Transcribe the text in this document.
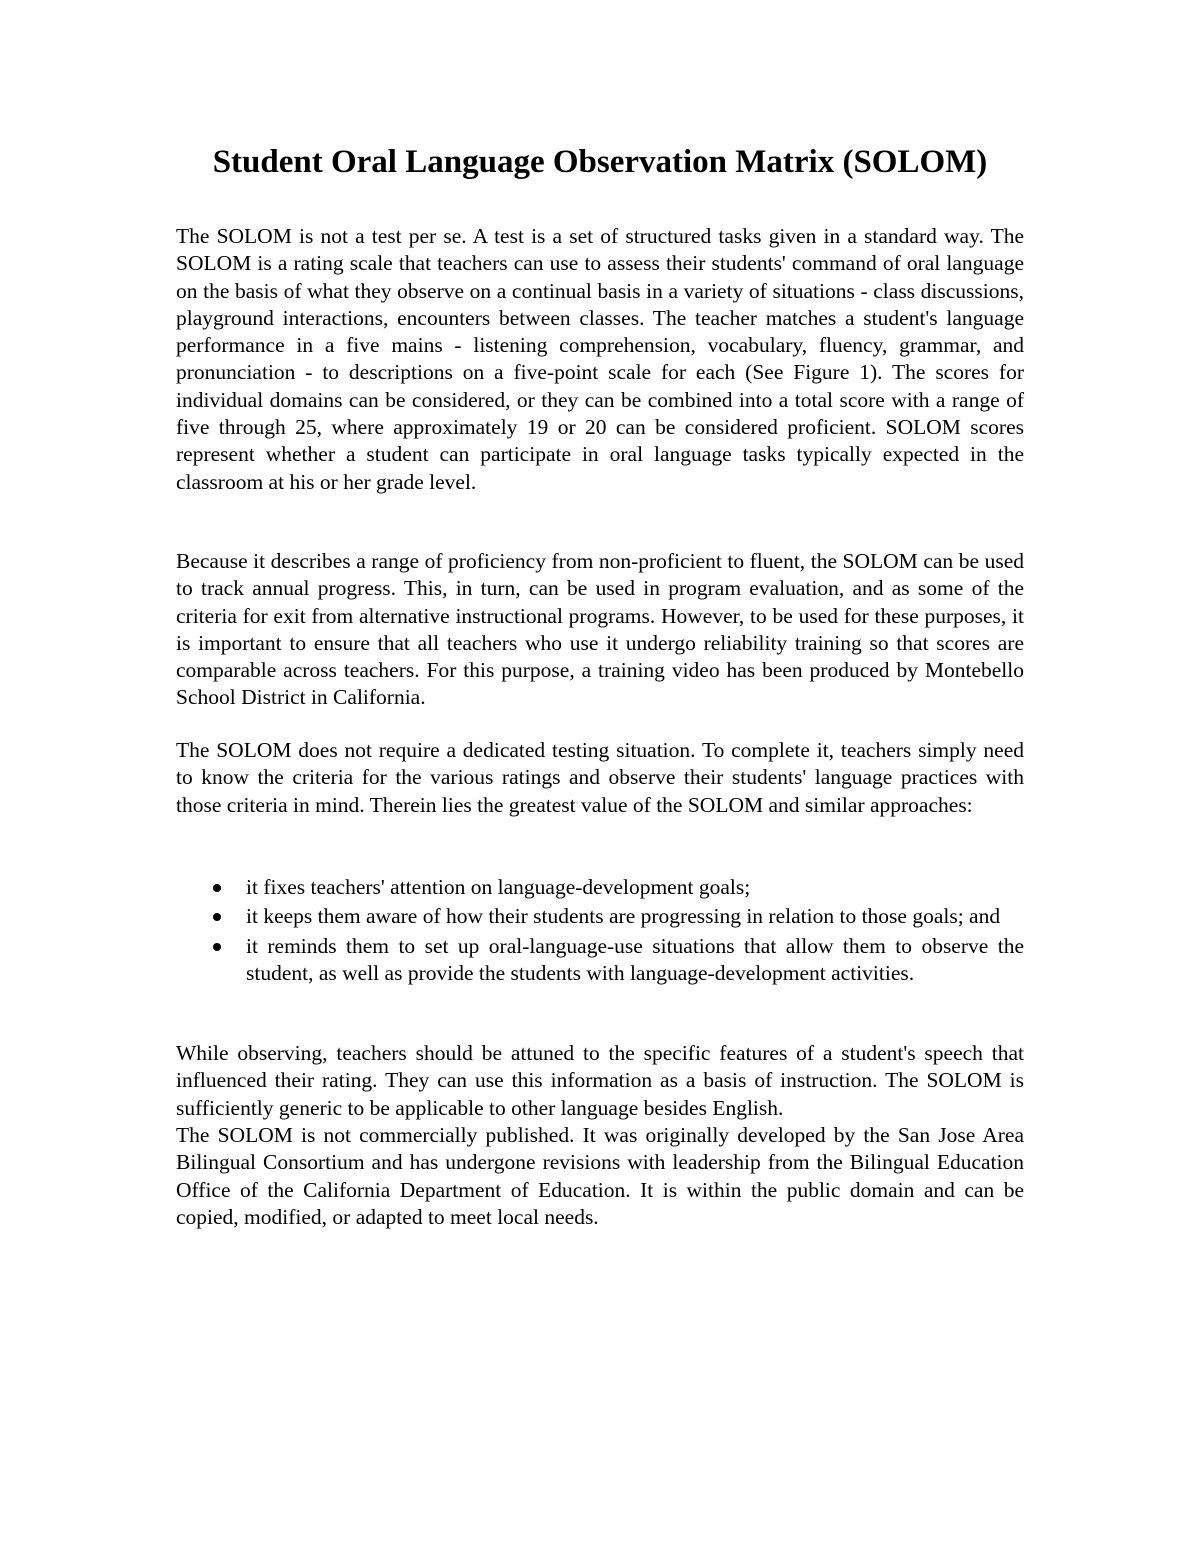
Student Oral Language Observation Matrix (SOLOM)

The SOLOM is not a test per se. A test is a set of structured tasks given in a standard way. The SOLOM is a rating scale that teachers can use to assess their students' command of oral language on the basis of what they observe on a continual basis in a variety of situations - class discussions, playground interactions, encounters between classes. The teacher matches a student's language performance in a five mains - listening comprehension, vocabulary, fluency, grammar, and pronunciation - to descriptions on a five-point scale for each (See Figure 1). The scores for individual domains can be considered, or they can be combined into a total score with a range of five through 25, where approximately 19 or 20 can be considered proficient. SOLOM scores represent whether a student can participate in oral language tasks typically expected in the classroom at his or her grade level.

Because it describes a range of proficiency from non-proficient to fluent, the SOLOM can be used to track annual progress. This, in turn, can be used in program evaluation, and as some of the criteria for exit from alternative instructional programs. However, to be used for these purposes, it is important to ensure that all teachers who use it undergo reliability training so that scores are comparable across teachers. For this purpose, a training video has been produced by Montebello School District in California.

The SOLOM does not require a dedicated testing situation. To complete it, teachers simply need to know the criteria for the various ratings and observe their students' language practices with those criteria in mind. Therein lies the greatest value of the SOLOM and similar approaches:

it fixes teachers' attention on language-development goals;
it keeps them aware of how their students are progressing in relation to those goals; and
it reminds them to set up oral-language-use situations that allow them to observe the student, as well as provide the students with language-development activities.

While observing, teachers should be attuned to the specific features of a student's speech that influenced their rating. They can use this information as a basis of instruction. The SOLOM is sufficiently generic to be applicable to other language besides English.

The SOLOM is not commercially published. It was originally developed by the San Jose Area Bilingual Consortium and has undergone revisions with leadership from the Bilingual Education Office of the California Department of Education. It is within the public domain and can be copied, modified, or adapted to meet local needs.
